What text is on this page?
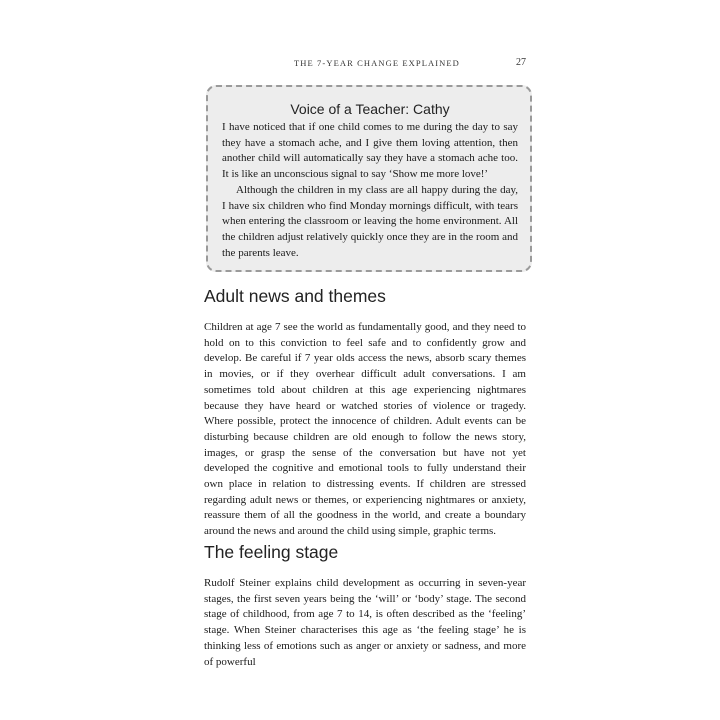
THE 7-YEAR CHANGE EXPLAINED	27
Voice of a Teacher: Cathy

I have noticed that if one child comes to me during the day to say they have a stomach ache, and I give them loving attention, then another child will automatically say they have a stomach ache too. It is like an unconscious signal to say ‘Show me more love!’

Although the children in my class are all happy during the day, I have six children who find Monday mornings difficult, with tears when entering the classroom or leaving the home environment. All the children adjust relatively quickly once they are in the room and the parents leave.

Adult news and themes

Children at age 7 see the world as fundamentally good, and they need to hold on to this conviction to feel safe and to confidently grow and develop. Be careful if 7 year olds access the news, absorb scary themes in movies, or if they overhear difficult adult conversations. I am sometimes told about children at this age experiencing nightmares because they have heard or watched stories of violence or tragedy. Where possible, protect the innocence of children. Adult events can be disturbing because children are old enough to follow the news story, images, or grasp the sense of the conversation but have not yet developed the cognitive and emotional tools to fully understand their own place in relation to distressing events. If children are stressed regarding adult news or themes, or experiencing nightmares or anxiety, reassure them of all the goodness in the world, and create a boundary around the news and around the child using simple, graphic terms.

The feeling stage

Rudolf Steiner explains child development as occurring in seven-year stages, the first seven years being the ‘will’ or ‘body’ stage. The second stage of childhood, from age 7 to 14, is often described as the ‘feeling’ stage. When Steiner characterises this age as ‘the feeling stage’ he is thinking less of emotions such as anger or anxiety or sadness, and more of powerful
